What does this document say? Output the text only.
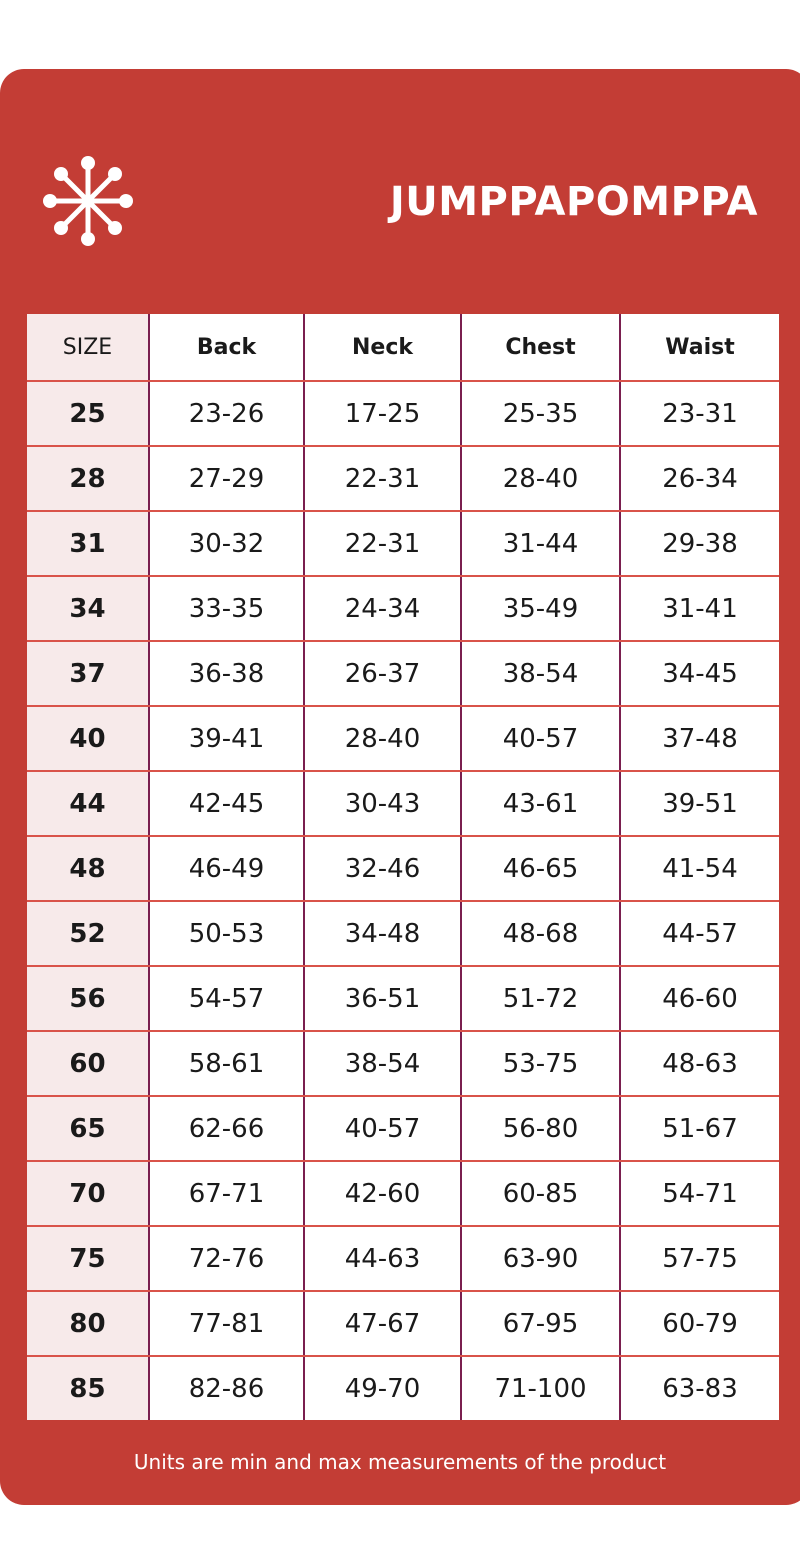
JUMPPAPOMPPA
SIZE	Back	Neck	Chest	Waist
25	23-26	17-25	25-35	23-31
28	27-29	22-31	28-40	26-34
31	30-32	22-31	31-44	29-38
34	33-35	24-34	35-49	31-41
37	36-38	26-37	38-54	34-45
40	39-41	28-40	40-57	37-48
44	42-45	30-43	43-61	39-51
48	46-49	32-46	46-65	41-54
52	50-53	34-48	48-68	44-57
56	54-57	36-51	51-72	46-60
60	58-61	38-54	53-75	48-63
65	62-66	40-57	56-80	51-67
70	67-71	42-60	60-85	54-71
75	72-76	44-63	63-90	57-75
80	77-81	47-67	67-95	60-79
85	82-86	49-70	71-100	63-83
Units are min and max measurements of the product
